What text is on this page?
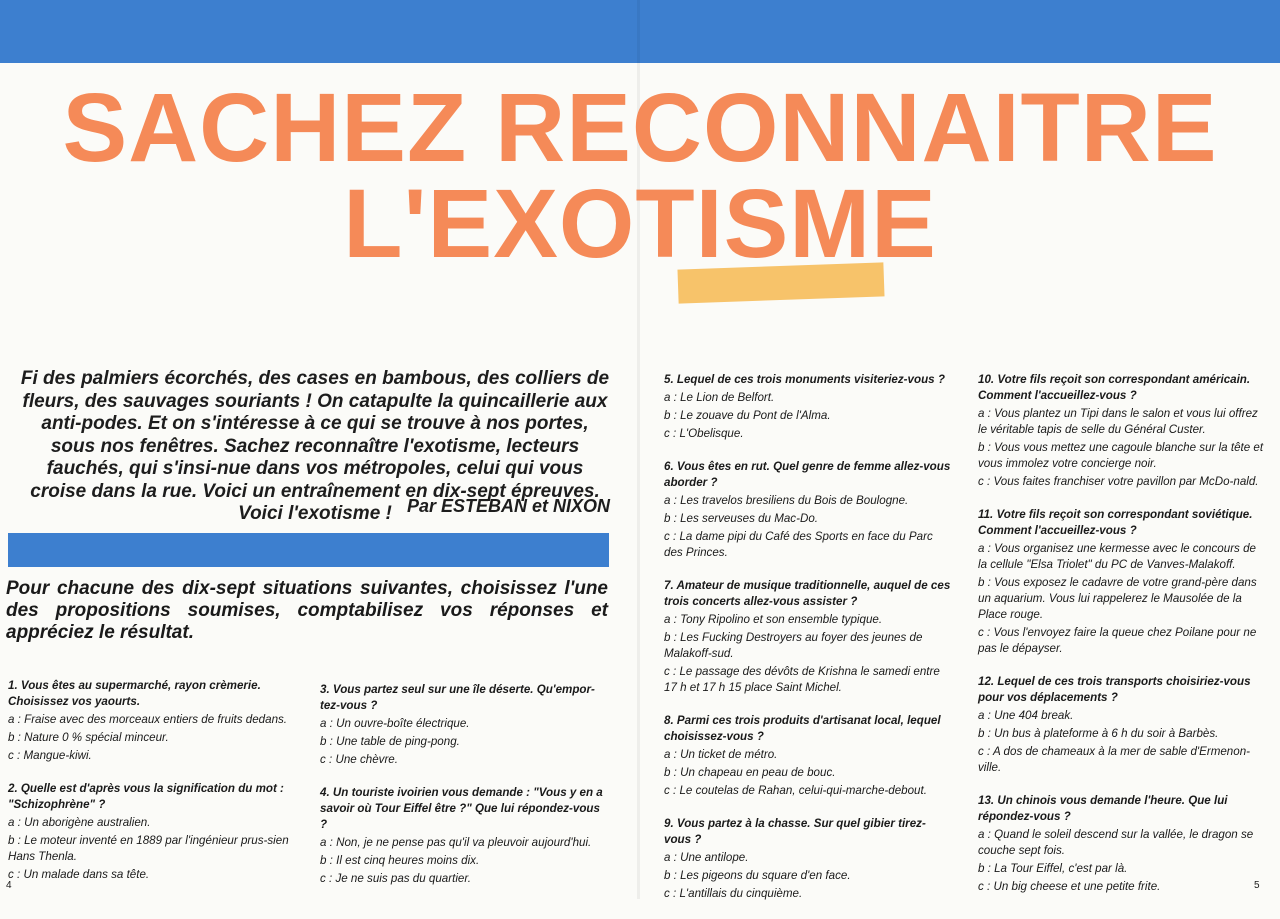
SACHEZ RECONNAITRE
L'EXOTISME

Fi des palmiers écorchés, des cases en bambous, des colliers de fleurs, des sauvages souriants ! On catapulte la quincaillerie aux anti-podes. Et on s'intéresse à ce qui se trouve à nos portes, sous nos fenêtres. Sachez reconnaître l'exotisme, lecteurs fauchés, qui s'insi-nue dans vos métropoles, celui qui vous croise dans la rue. Voici un entraînement en dix-sept épreuves. Voici l'exotisme ! Par ESTEBAN et NIXON

Pour chacune des dix-sept situations suivantes, choisissez l'une des propositions soumises, comptabilisez vos réponses et appréciez le résultat.

1. Vous êtes au supermarché, rayon crèmerie. Choisissez vos yaourts.

a : Fraise avec des morceaux entiers de fruits dedans.
b : Nature 0 % spécial minceur.
c : Mangue-kiwi.

2. Quelle est d'après vous la signification du mot : "Schizophrène" ?

a : Un aborigène australien.
b : Le moteur inventé en 1889 par l'ingénieur prus-sien Hans Thenla.
c : Un malade dans sa tête.

3. Vous partez seul sur une île déserte. Qu'empor-tez-vous ?

a : Un ouvre-boîte électrique.
b : Une table de ping-pong.
c : Une chèvre.

4. Un touriste ivoirien vous demande : "Vous y en a savoir où Tour Eiffel être ?" Que lui répondez-vous ?

a : Non, je ne pense pas qu'il va pleuvoir aujourd'hui.
b : Il est cinq heures moins dix.
c : Je ne suis pas du quartier.

5. Lequel de ces trois monuments visiteriez-vous ?

a : Le Lion de Belfort.
b : Le zouave du Pont de l'Alma.
c : L'Obelisque.

6. Vous êtes en rut. Quel genre de femme allez-vous aborder ?

a : Les travelos bresiliens du Bois de Boulogne.
b : Les serveuses du Mac-Do.
c : La dame pipi du Café des Sports en face du Parc des Princes.

7. Amateur de musique traditionnelle, auquel de ces trois concerts allez-vous assister ?

a : Tony Ripolino et son ensemble typique.
b : Les Fucking Destroyers au foyer des jeunes de Malakoff-sud.
c : Le passage des dévôts de Krishna le samedi entre 17 h et 17 h 15 place Saint Michel.

8. Parmi ces trois produits d'artisanat local, lequel choisissez-vous ?

a : Un ticket de métro.
b : Un chapeau en peau de bouc.
c : Le coutelas de Rahan, celui-qui-marche-debout.

9. Vous partez à la chasse. Sur quel gibier tirez-vous ?

a : Une antilope.
b : Les pigeons du square d'en face.
c : L'antillais du cinquième.

10. Votre fils reçoit son correspondant américain. Comment l'accueillez-vous ?

a : Vous plantez un Tipi dans le salon et vous lui offrez le véritable tapis de selle du Général Custer.
b : Vous vous mettez une cagoule blanche sur la tête et vous immolez votre concierge noir.
c : Vous faites franchiser votre pavillon par McDo-nald.

11. Votre fils reçoit son correspondant soviétique. Comment l'accueillez-vous ?

a : Vous organisez une kermesse avec le concours de la cellule "Elsa Triolet" du PC de Vanves-Malakoff.
b : Vous exposez le cadavre de votre grand-père dans un aquarium. Vous lui rappelerez le Mausolée de la Place rouge.
c : Vous l'envoyez faire la queue chez Poilane pour ne pas le dépayser.

12. Lequel de ces trois transports choisiriez-vous pour vos déplacements ?

a : Une 404 break.
b : Un bus à plateforme à 6 h du soir à Barbès.
c : A dos de chameaux à la mer de sable d'Ermenon-ville.

13. Un chinois vous demande l'heure. Que lui répondez-vous ?

a : Quand le soleil descend sur la vallée, le dragon se couche sept fois.
b : La Tour Eiffel, c'est par là.
c : Un big cheese et une petite frite.
4	5
